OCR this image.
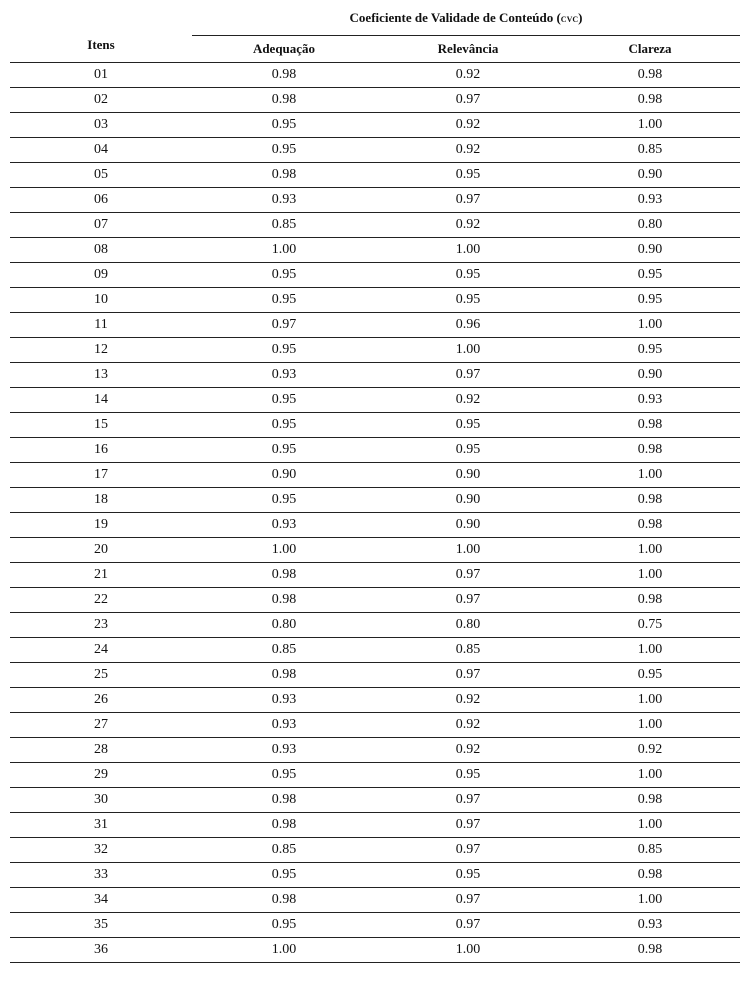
Itens	Coeficiente de Validade de Conteúdo (cvc)		
	Adequação	Relevância	Clareza
01	0.98	0.92	0.98
02	0.98	0.97	0.98
03	0.95	0.92	1.00
04	0.95	0.92	0.85
05	0.98	0.95	0.90
06	0.93	0.97	0.93
07	0.85	0.92	0.80
08	1.00	1.00	0.90
09	0.95	0.95	0.95
10	0.95	0.95	0.95
11	0.97	0.96	1.00
12	0.95	1.00	0.95
13	0.93	0.97	0.90
14	0.95	0.92	0.93
15	0.95	0.95	0.98
16	0.95	0.95	0.98
17	0.90	0.90	1.00
18	0.95	0.90	0.98
19	0.93	0.90	0.98
20	1.00	1.00	1.00
21	0.98	0.97	1.00
22	0.98	0.97	0.98
23	0.80	0.80	0.75
24	0.85	0.85	1.00
25	0.98	0.97	0.95
26	0.93	0.92	1.00
27	0.93	0.92	1.00
28	0.93	0.92	0.92
29	0.95	0.95	1.00
30	0.98	0.97	0.98
31	0.98	0.97	1.00
32	0.85	0.97	0.85
33	0.95	0.95	0.98
34	0.98	0.97	1.00
35	0.95	0.97	0.93
36	1.00	1.00	0.98
